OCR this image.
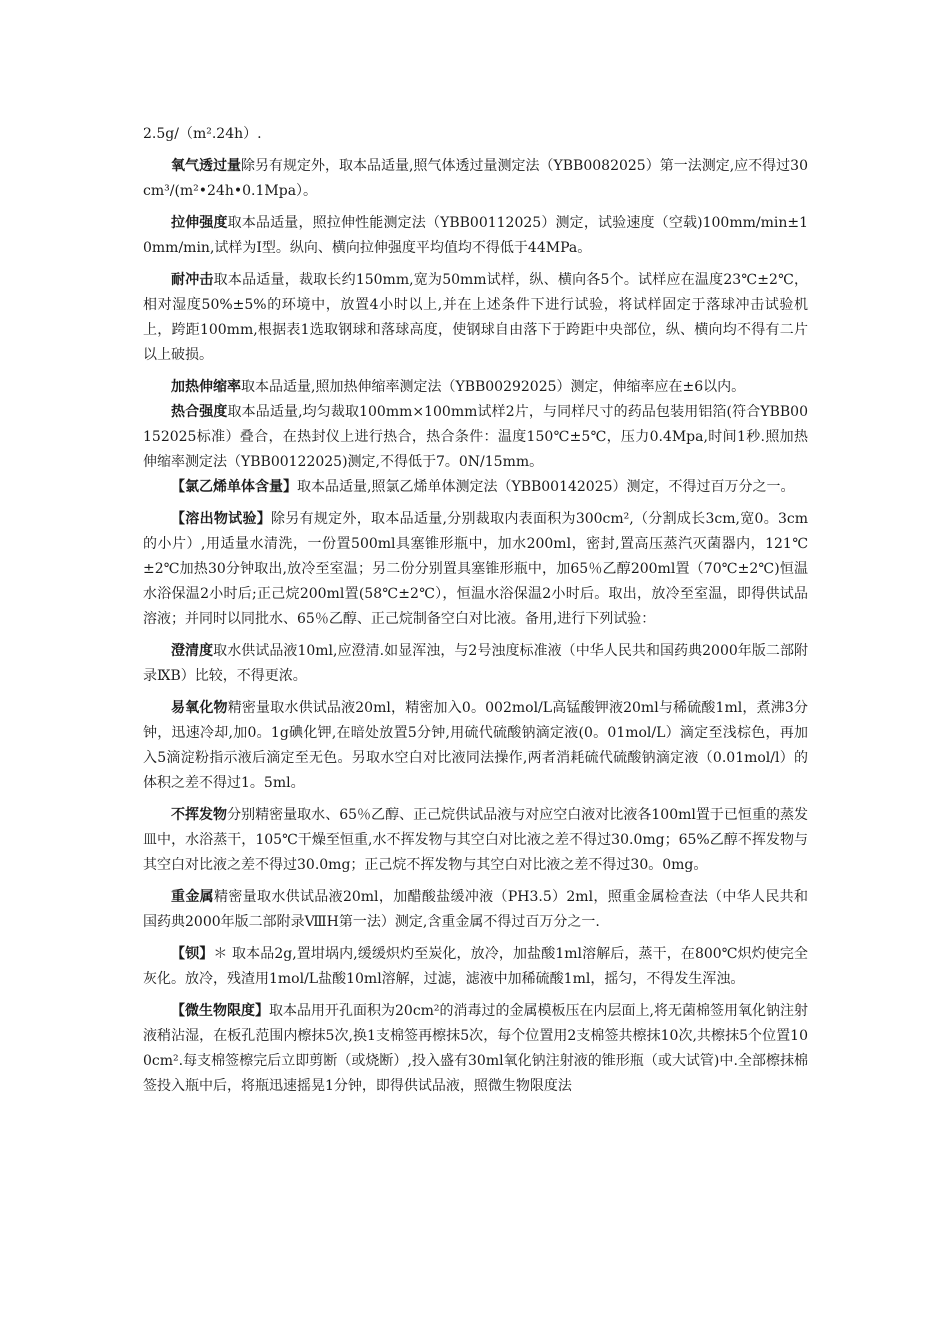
2.5g/（m².24h）.

氧气透过量除另有规定外，取本品适量,照气体透过量测定法（YBB0082025）第一法测定,应不得过30cm³/(m²•24h•0.1Mpa）。

拉伸强度取本品适量，照拉伸性能测定法（YBB00112025）测定，试验速度（空载)100mm/min±10mm/min,试样为Ⅰ型。纵向、横向拉伸强度平均值均不得低于44MPa。

耐冲击取本品适量，裁取长约150mm,宽为50mm试样，纵、横向各5个。试样应在温度23℃±2℃，相对湿度50%±5%的环境中，放置4小时以上,并在上述条件下进行试验，将试样固定于落球冲击试验机上，跨距100mm,根据表1选取钢球和落球高度，使钢球自由落下于跨距中央部位，纵、横向均不得有二片以上破损。

加热伸缩率取本品适量,照加热伸缩率测定法（YBB00292025）测定，伸缩率应在±6以内。

热合强度取本品适量,均匀裁取100mm×100mm试样2片，与同样尺寸的药品包装用铝箔(符合YBB00152025标准）叠合，在热封仪上进行热合，热合条件：温度150℃±5℃，压力0.4Mpa,时间1秒.照加热伸缩率测定法（YBB00122025)测定,不得低于7。0N/15mm。

【氯乙烯单体含量】取本品适量,照氯乙烯单体测定法（YBB00142025）测定，不得过百万分之一。

【溶出物试验】除另有规定外，取本品适量,分别裁取内表面积为300cm²,（分割成长3cm,宽0。3cm的小片）,用适量水清洗，一份置500ml具塞锥形瓶中，加水200ml，密封,置高压蒸汽灭菌器内，121℃±2℃加热30分钟取出,放冷至室温；另二份分别置具塞锥形瓶中，加65％乙醇200ml置（70℃±2℃)恒温水浴保温2小时后;正己烷200ml置(58℃±2℃），恒温水浴保温2小时后。取出，放冷至室温，即得供试品溶液；并同时以同批水、65％乙醇、正己烷制备空白对比液。备用,进行下列试验：

澄清度取水供试品液10ml,应澄清.如显浑浊，与2号浊度标准液（中华人民共和国药典2000年版二部附录ⅨB）比较，不得更浓。

易氧化物精密量取水供试品液20ml，精密加入0。002mol/L高锰酸钾液20ml与稀硫酸1ml，煮沸3分钟，迅速冷却,加0。1g碘化钾,在暗处放置5分钟,用硫代硫酸钠滴定液(0。01mol/L）滴定至浅棕色，再加入5滴淀粉指示液后滴定至无色。另取水空白对比液同法操作,两者消耗硫代硫酸钠滴定液（0.01mol/l）的体积之差不得过1。5ml。

不挥发物分别精密量取水、65％乙醇、正己烷供试品液与对应空白液对比液各100ml置于已恒重的蒸发皿中，水浴蒸干，105℃干燥至恒重,水不挥发物与其空白对比液之差不得过30.0mg；65%乙醇不挥发物与其空白对比液之差不得过30.0mg；正己烷不挥发物与其空白对比液之差不得过30。0mg。

重金属精密量取水供试品液20ml，加醋酸盐缓冲液（PH3.5）2ml，照重金属检查法（中华人民共和国药典2000年版二部附录ⅧH第一法）测定,含重金属不得过百万分之一.

【钡】＊ 取本品2g,置坩埚内,缓缓炽灼至炭化，放冷，加盐酸1ml溶解后，蒸干，在800℃炽灼使完全灰化。放冷，残渣用1mol/L盐酸10ml溶解，过滤，滤液中加稀硫酸1ml，摇匀，不得发生浑浊。

【微生物限度】取本品用开孔面积为20cm²的消毒过的金属模板压在内层面上,将无菌棉签用氧化钠注射液稍沾湿，在板孔范围内檫抹5次,换1支棉签再檫抹5次，每个位置用2支棉签共檫抹10次,共檫抹5个位置100cm².每支棉签檫完后立即剪断（或烧断）,投入盛有30ml氧化钠注射液的锥形瓶（或大试管)中.全部檫抹棉签投入瓶中后，将瓶迅速摇晃1分钟，即得供试品液，照微生物限度法
